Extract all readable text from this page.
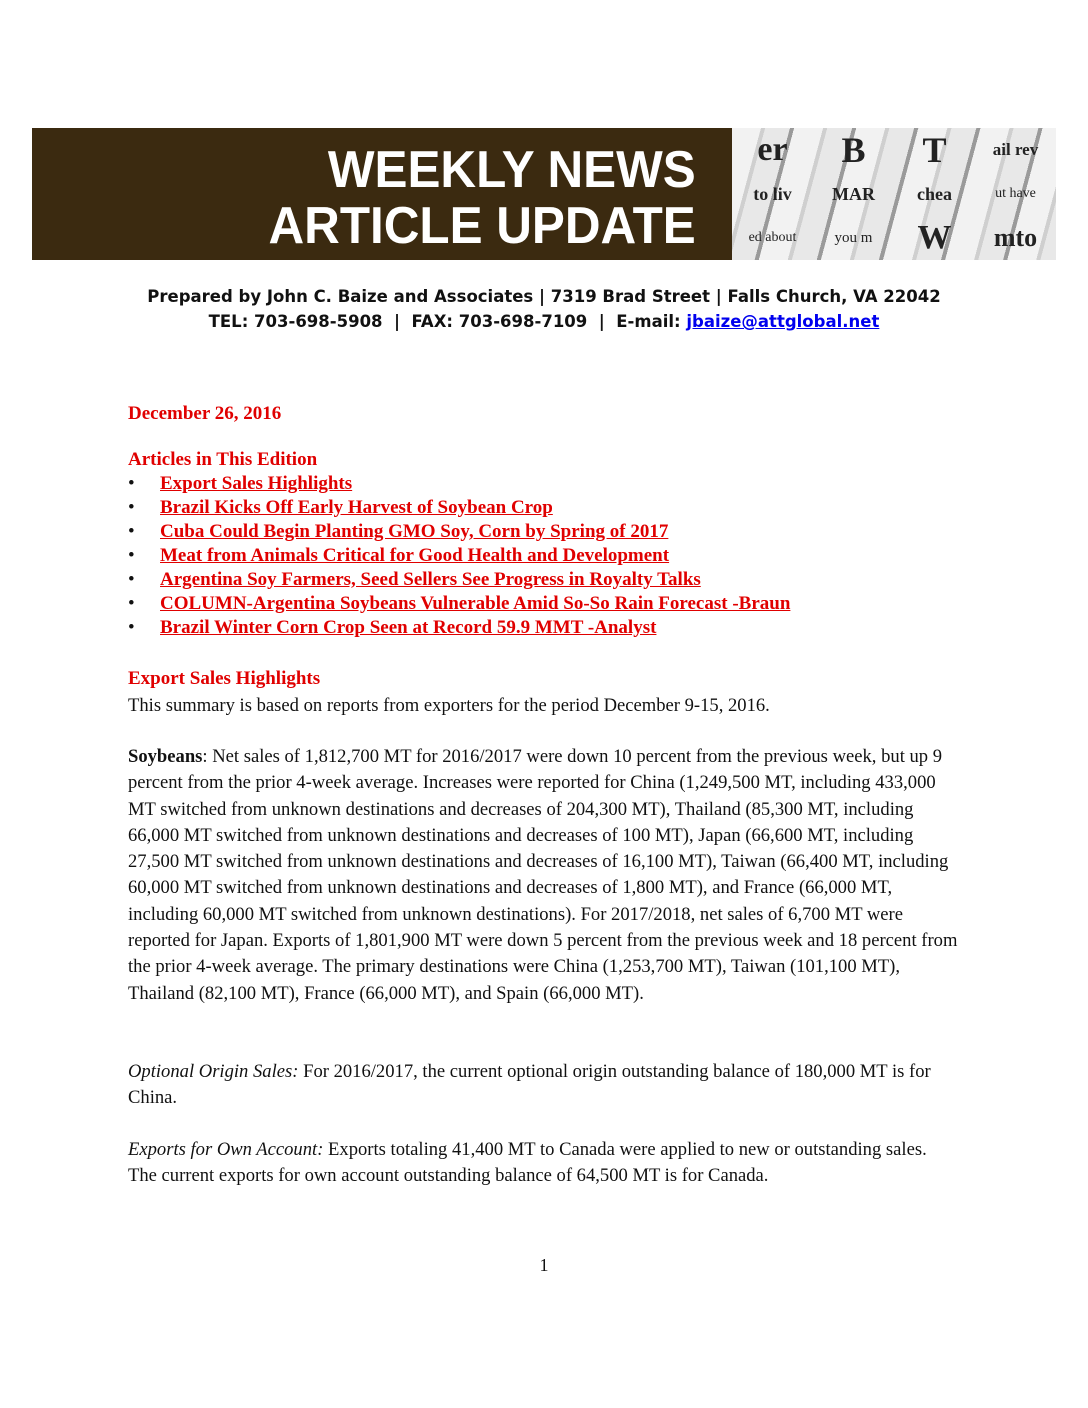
WEEKLY NEWS
ARTICLE UPDATE
er	B	T	ail rev
to liv	MAR	chea	ut have
ed about	you m	W	mto
Prepared by John C. Baize and Associates | 7319 Brad Street | Falls Church, VA 22042
TEL: 703-698-5908  |  FAX: 703-698-7109  |  E-mail: jbaize@attglobal.net
December 26, 2016
Articles in This Edition
• Export Sales Highlights
• Brazil Kicks Off Early Harvest of Soybean Crop
• Cuba Could Begin Planting GMO Soy, Corn by Spring of 2017
• Meat from Animals Critical for Good Health and Development
• Argentina Soy Farmers, Seed Sellers See Progress in Royalty Talks
• COLUMN-Argentina Soybeans Vulnerable Amid So-So Rain Forecast -Braun
• Brazil Winter Corn Crop Seen at Record 59.9 MMT -Analyst
Export Sales Highlights

This summary is based on reports from exporters for the period December 9-15, 2016.

Soybeans: Net sales of 1,812,700 MT for 2016/2017 were down 10 percent from the previous week, but up 9 percent from the prior 4-week average. Increases were reported for China (1,249,500 MT, including 433,000 MT switched from unknown destinations and decreases of 204,300 MT), Thailand (85,300 MT, including 66,000 MT switched from unknown destinations and decreases of 100 MT), Japan (66,600 MT, including 27,500 MT switched from unknown destinations and decreases of 16,100 MT), Taiwan (66,400 MT, including 60,000 MT switched from unknown destinations and decreases of 1,800 MT), and France (66,000 MT, including 60,000 MT switched from unknown destinations). For 2017/2018, net sales of 6,700 MT were reported for Japan. Exports of 1,801,900 MT were down 5 percent from the previous week and 18 percent from the prior 4-week average. The primary destinations were China (1,253,700 MT), Taiwan (101,100 MT), Thailand (82,100 MT), France (66,000 MT), and Spain (66,000 MT).

Optional Origin Sales: For 2016/2017, the current optional origin outstanding balance of 180,000 MT is for China.

Exports for Own Account: Exports totaling 41,400 MT to Canada were applied to new or outstanding sales. The current exports for own account outstanding balance of 64,500 MT is for Canada.

1
